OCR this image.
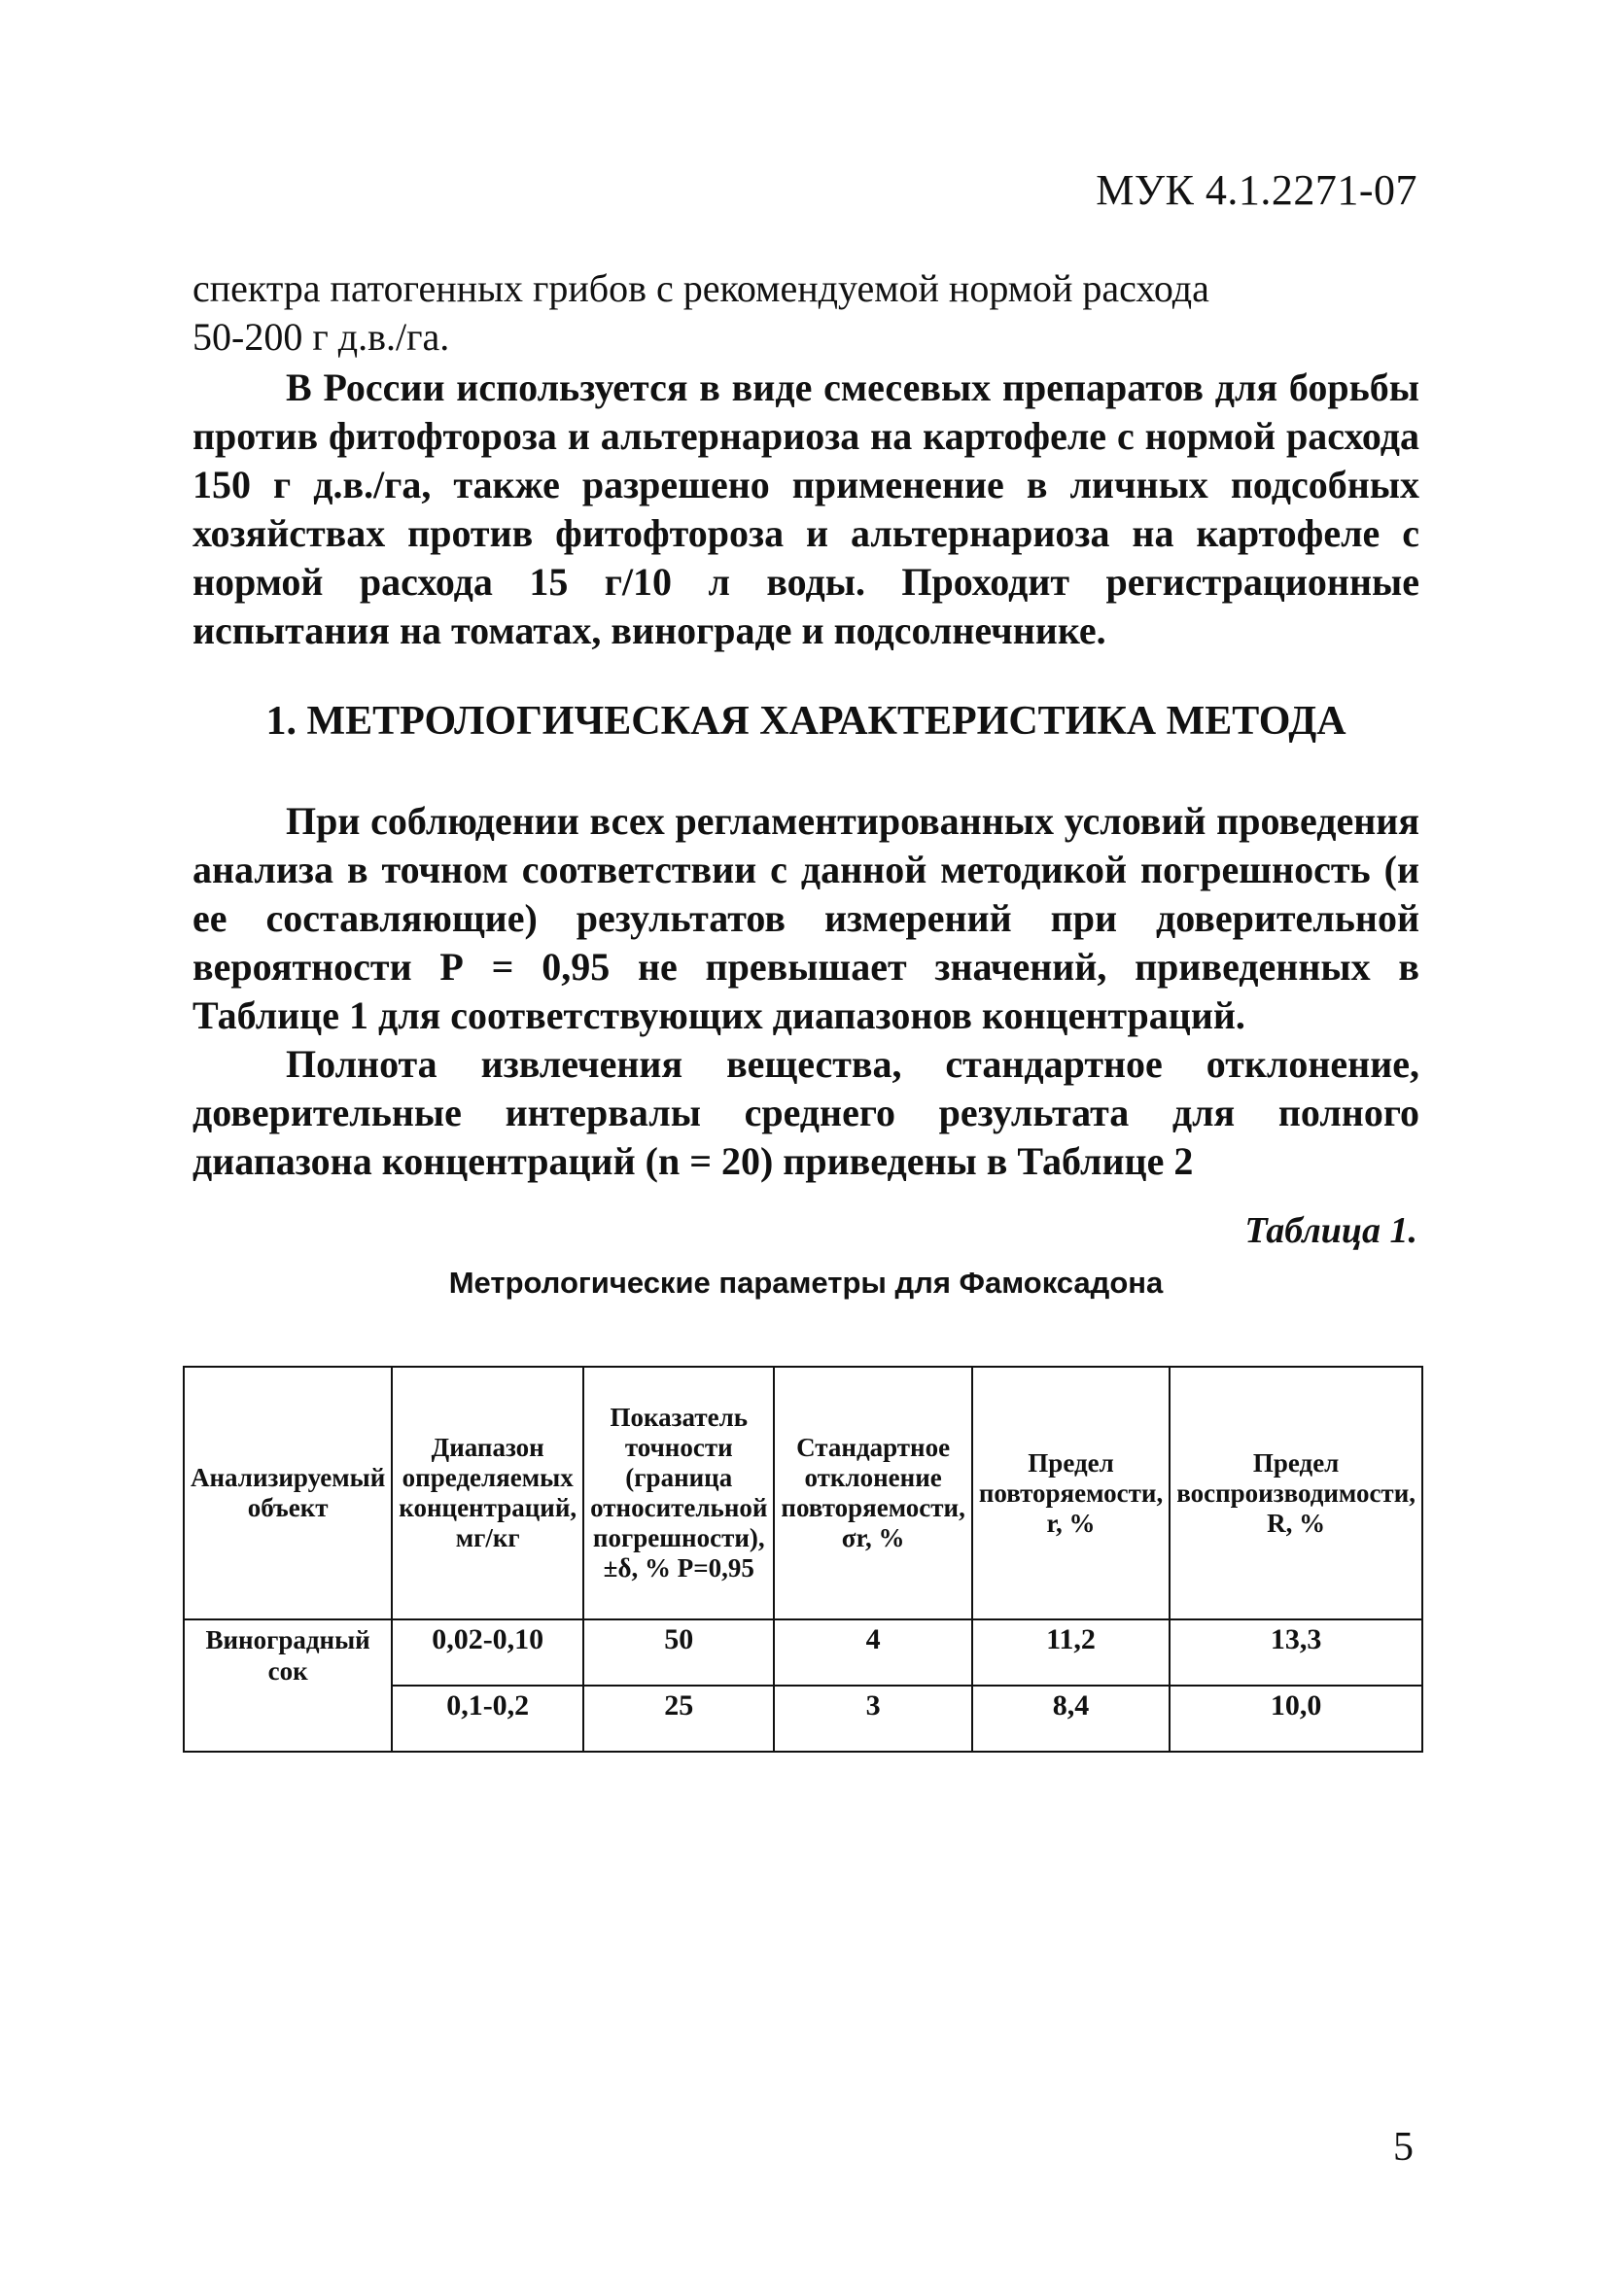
МУК 4.1.2271-07

спектра патогенных грибов с рекомендуемой нормой расхода
50-200 г д.в./га.

В России используется в виде смесевых препаратов для борьбы против фитофтороза и альтернариоза на картофеле с нормой расхода 150 г д.в./га, также разрешено применение в личных подсобных хозяйствах против фитофтороза и альтернариоза на картофеле с нормой расхода 15 г/10 л воды. Проходит регистрационные испытания на томатах, винограде и подсолнечнике.

1. МЕТРОЛОГИЧЕСКАЯ ХАРАКТЕРИСТИКА МЕТОДА

При соблюдении всех регламентированных условий проведения анализа в точном соответствии с данной методикой погрешность (и ее составляющие) результатов измерений при доверительной вероятности Р = 0,95 не превышает значений, приведенных в Таблице 1 для соответствующих диапазонов концентраций.

Полнота извлечения вещества, стандартное отклонение, доверительные интервалы среднего результата для полного диапазона концентраций (n = 20) приведены в Таблице 2

Таблица 1.
Метрологические параметры для Фамоксадона
Анализируемый объект	Диапазон определяемых концентраций, мг/кг	Показатель точности (граница относительной погрешности), ±δ, % Р=0,95	Стандартное отклонение повторяемости, σr, %	Предел повторяемости, r, %	Предел воспроизводимости, R, %
Виноградный сок	0,02-0,10	50	4	11,2	13,3
	0,1-0,2	25	3	8,4	10,0
5
